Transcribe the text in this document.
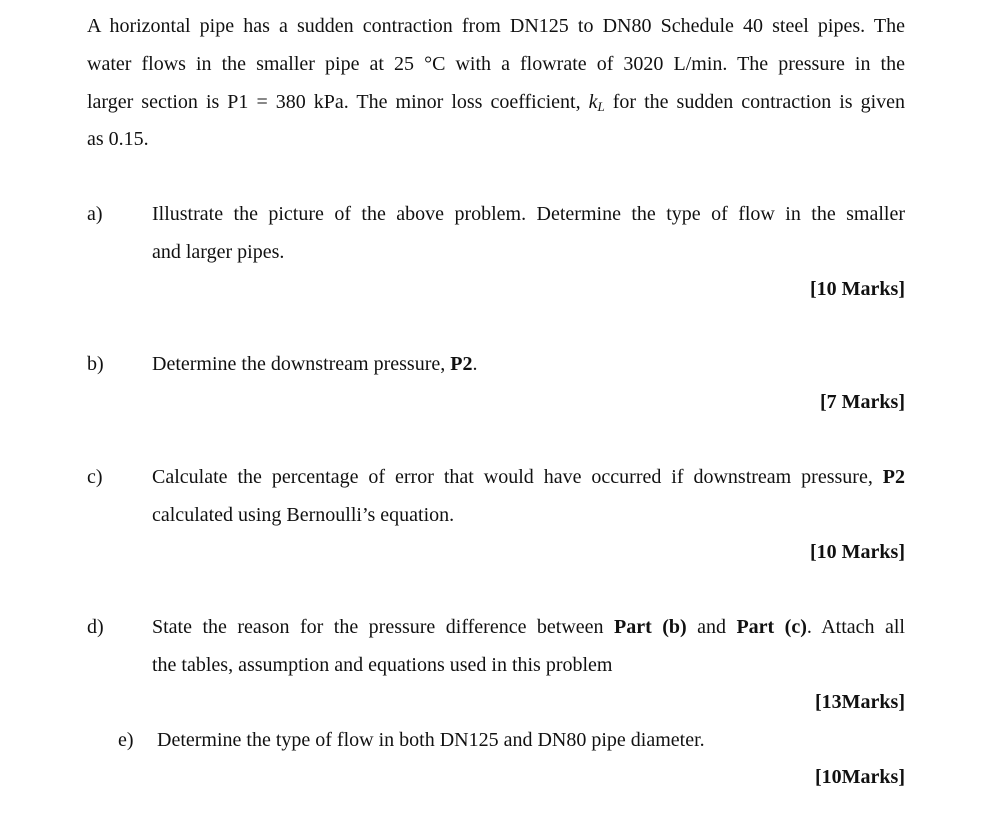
A horizontal pipe has a sudden contraction from DN125 to DN80 Schedule 40 steel pipes. The
water flows in the smaller pipe at 25 °C with a flowrate of 3020 L/min. The pressure in the
larger section is P1 = 380 kPa. The minor loss coefficient, $k_L$ for the sudden contraction is given
as 0.15.
a) Illustrate the picture of the above problem. Determine the type of flow in the smaller
and larger pipes.
[10 Marks]
b) Determine the downstream pressure, P2.
[7 Marks]
c) Calculate the percentage of error that would have occurred if downstream pressure, P2
calculated using Bernoulli’s equation.
[10 Marks]
d) State the reason for the pressure difference between Part (b) and Part (c). Attach all
the tables, assumption and equations used in this problem
[13Marks]
e) Determine the type of flow in both DN125 and DN80 pipe diameter.
[10Marks]
